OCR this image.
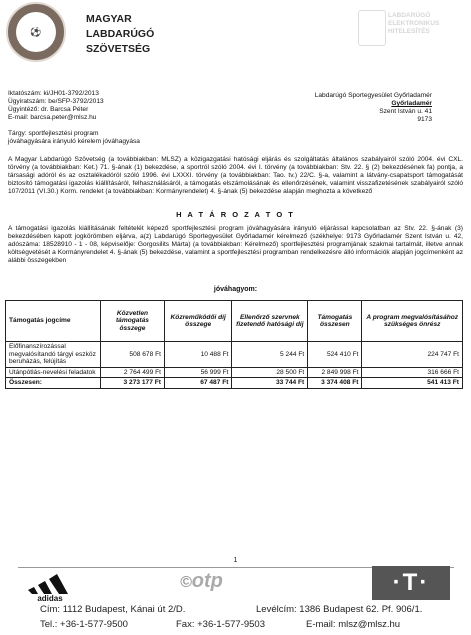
⚽
MAGYAR
LABDARÚGÓ
SZÖVETSÉG
LABDARÚGÓ ELEKTRONIKUS HITELESÍTÉS
Iktatószám: ki/JH01-3792/2013
Ügyiratszám: be/SFP-3792/2013
Ügyintéző: dr. Barcsa Péter
E-mail: barcsa.peter@mlsz.hu
Tárgy: sportfejlesztési program
jóváhagyására irányuló kérelem jóváhagyása
Labdarúgó Sportegyesület Győrladamér
Győrladamér
Szent István u. 41
9173
A Magyar Labdarúgó Szövetség (a továbbiakban: MLSZ) a közigazgatási hatósági eljárás és szolgáltatás általános szabályairól szóló 2004. évi CXL. törvény (a továbbiakban: Ket.) 71. §-ának (1) bekezdése, a sportról szóló 2004. évi I. törvény (a továbbiakban: Stv. 22. § (2) bekezdésének fa) pontja, a társasági adóról és az osztalékadóról szóló 1996. évi LXXXI. törvény (a továbbiakban: Tao. tv.) 22/C. §-a, valamint a látvány-csapatsport támogatását biztosító támogatási igazolás kiállításáról, felhasználásáról, a támogatás elszámolásának és ellenőrzésének, valamint visszafizetésének szabályairól szóló 107/2011 (VI.30.) Korm. rendelet (a továbbiakban: Kormányrendelet) 4. §-ának (5) bekezdése alapján meghozta a következő
H A T Á R O Z A T O T
A támogatási igazolás kiállításának feltételét képező sportfejlesztési program jóváhagyására irányuló eljárással kapcsolatban az Stv. 22. §-ának (3) bekezdésében kapott jogkörömben eljárva, a(z) Labdarúgó Sportegyesület Győrladamér kérelmező (székhelye: 9173 Győrladamér Szent István u. 42, adószáma: 18528910 - 1 - 08, képviselője: Gorgosilits Márta) (a továbbiakban: Kérelmező) sportfejlesztési programjának szakmai tartalmát, illetve annak költségvetését a Kormányrendelet 4. §-ának (5) bekezdése, valamint a sportfejlesztési programban rendelkezésre álló információk alapján jogcímenként az alábbi összegekben
jóváhagyom:
Támogatás jogcíme	Közvetlen támogatás összege	Közreműködői díj összege	Ellenőrző szervnek fizetendő hatósági díj	Támogatás összesen	A program megvalósításához szükséges önrész
Előfinanszírozással megvalósítandó tárgyi eszköz beruházás, felújítás	508 678 Ft	10 488 Ft	5 244 Ft	524 410 Ft	224 747 Ft
Utánpótlás-nevelési feladatok	2 764 499 Ft	56 999 Ft	28 500 Ft	2 849 998 Ft	316 666 Ft
Összesen:	3 273 177 Ft	67 487 Ft	33 744 Ft	3 374 408 Ft	541 413 Ft
1
adidas
©otp	·T·
Cím: 1112 Budapest, Kánai út 2/D.	Levélcím: 1386 Budapest 62. Pf. 906/1.
Tel.: +36-1-577-9500	Fax: +36-1-577-9503	E-mail: mlsz@mlsz.hu
